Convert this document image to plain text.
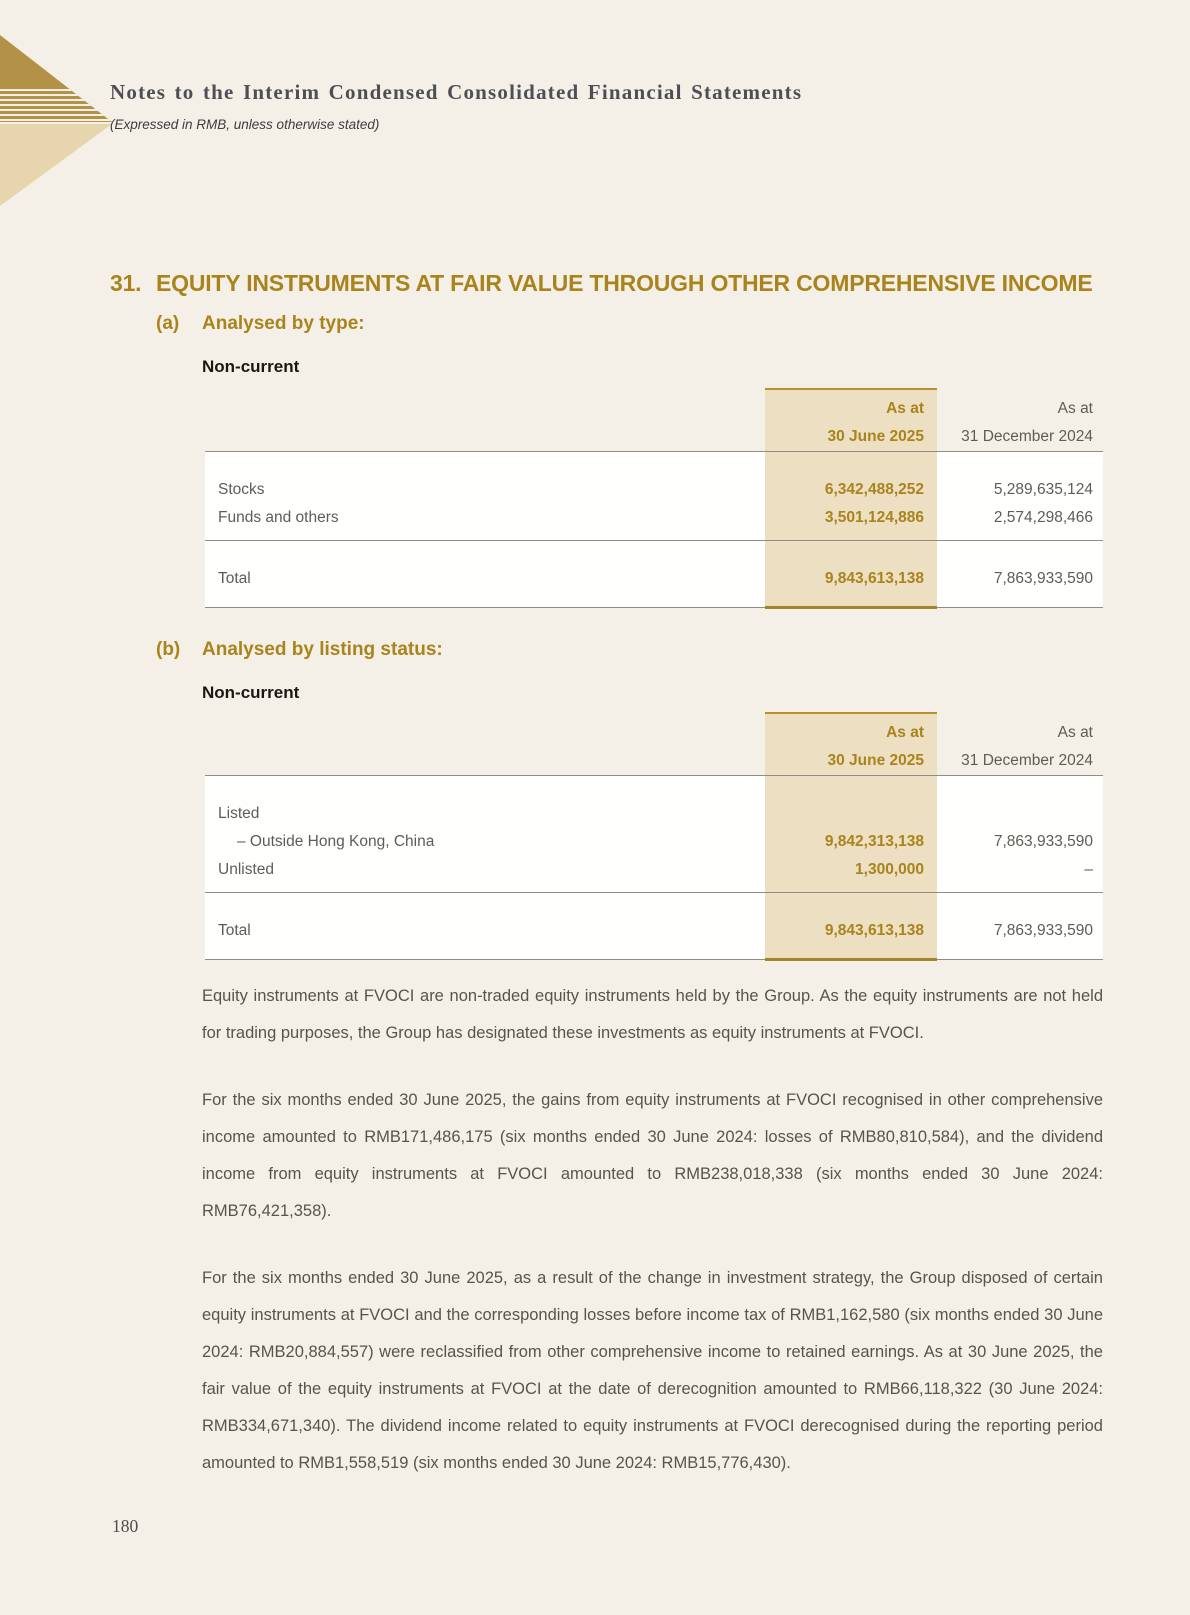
Notes to the Interim Condensed Consolidated Financial Statements
(Expressed in RMB, unless otherwise stated)
31. EQUITY INSTRUMENTS AT FAIR VALUE THROUGH OTHER COMPREHENSIVE INCOME
(a)	Analysed by type:
Non-current
As at	As at
30 June 2025	31 December 2024
Stocks	6,342,488,252	5,289,635,124
Funds and others	3,501,124,886	2,574,298,466
Total	9,843,613,138	7,863,933,590
(b)	Analysed by listing status:
Non-current
As at	As at
30 June 2025	31 December 2024
Listed
– Outside Hong Kong, China	9,842,313,138	7,863,933,590
Unlisted	1,300,000	–
Total	9,843,613,138	7,863,933,590

Equity instruments at FVOCI are non-traded equity instruments held by the Group. As the equity instruments are not held for trading purposes, the Group has designated these investments as equity instruments at FVOCI.

For the six months ended 30 June 2025, the gains from equity instruments at FVOCI recognised in other comprehensive income amounted to RMB171,486,175 (six months ended 30 June 2024: losses of RMB80,810,584), and the dividend income from equity instruments at FVOCI amounted to RMB238,018,338 (six months ended 30 June 2024: RMB76,421,358).

For the six months ended 30 June 2025, as a result of the change in investment strategy, the Group disposed of certain equity instruments at FVOCI and the corresponding losses before income tax of RMB1,162,580 (six months ended 30 June 2024: RMB20,884,557) were reclassified from other comprehensive income to retained earnings. As at 30 June 2025, the fair value of the equity instruments at FVOCI at the date of derecognition amounted to RMB66,118,322 (30 June 2024: RMB334,671,340). The dividend income related to equity instruments at FVOCI derecognised during the reporting period amounted to RMB1,558,519 (six months ended 30 June 2024: RMB15,776,430).

180
